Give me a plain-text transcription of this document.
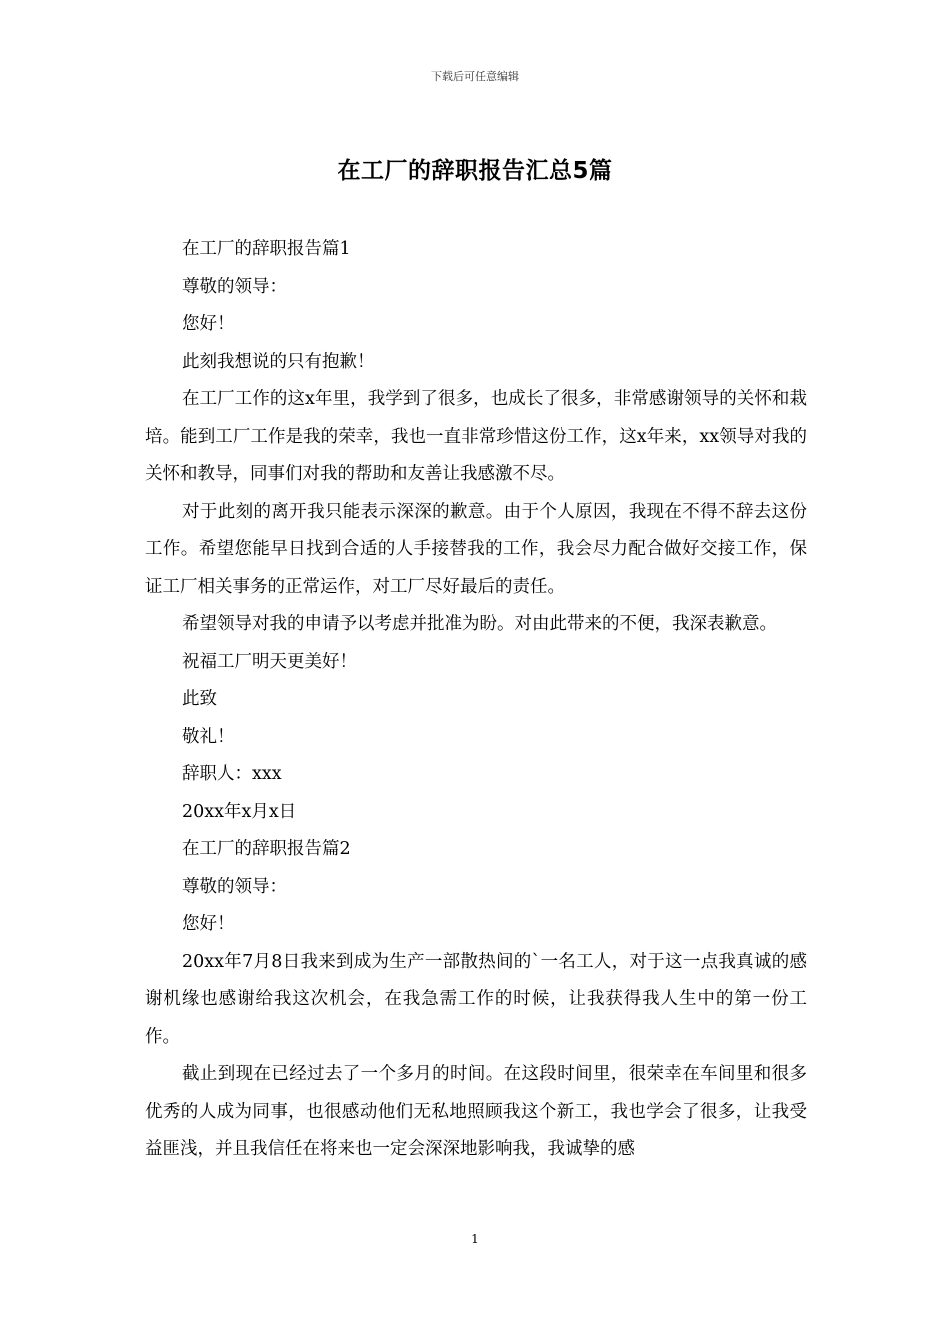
下载后可任意编辑
在工厂的辞职报告汇总5篇

在工厂的辞职报告篇1

尊敬的领导：

您好！

此刻我想说的只有抱歉！

在工厂工作的这x年里，我学到了很多，也成长了很多，非常感谢领导的关怀和栽培。能到工厂工作是我的荣幸，我也一直非常珍惜这份工作，这x年来，xx领导对我的关怀和教导，同事们对我的帮助和友善让我感激不尽。

对于此刻的离开我只能表示深深的歉意。由于个人原因，我现在不得不辞去这份工作。希望您能早日找到合适的人手接替我的工作，我会尽力配合做好交接工作，保证工厂相关事务的正常运作，对工厂尽好最后的责任。

希望领导对我的申请予以考虑并批准为盼。对由此带来的不便，我深表歉意。

祝福工厂明天更美好！

此致

敬礼！

辞职人：xxx

20xx年x月x日

在工厂的辞职报告篇2

尊敬的领导：

您好！

20xx年7月8日我来到成为生产一部散热间的`一名工人，对于这一点我真诚的感谢机缘也感谢给我这次机会，在我急需工作的时候，让我获得我人生中的第一份工作。

截止到现在已经过去了一个多月的时间。在这段时间里，很荣幸在车间里和很多优秀的人成为同事，也很感动他们无私地照顾我这个新工，我也学会了很多，让我受益匪浅，并且我信任在将来也一定会深深地影响我，我诚挚的感

1
